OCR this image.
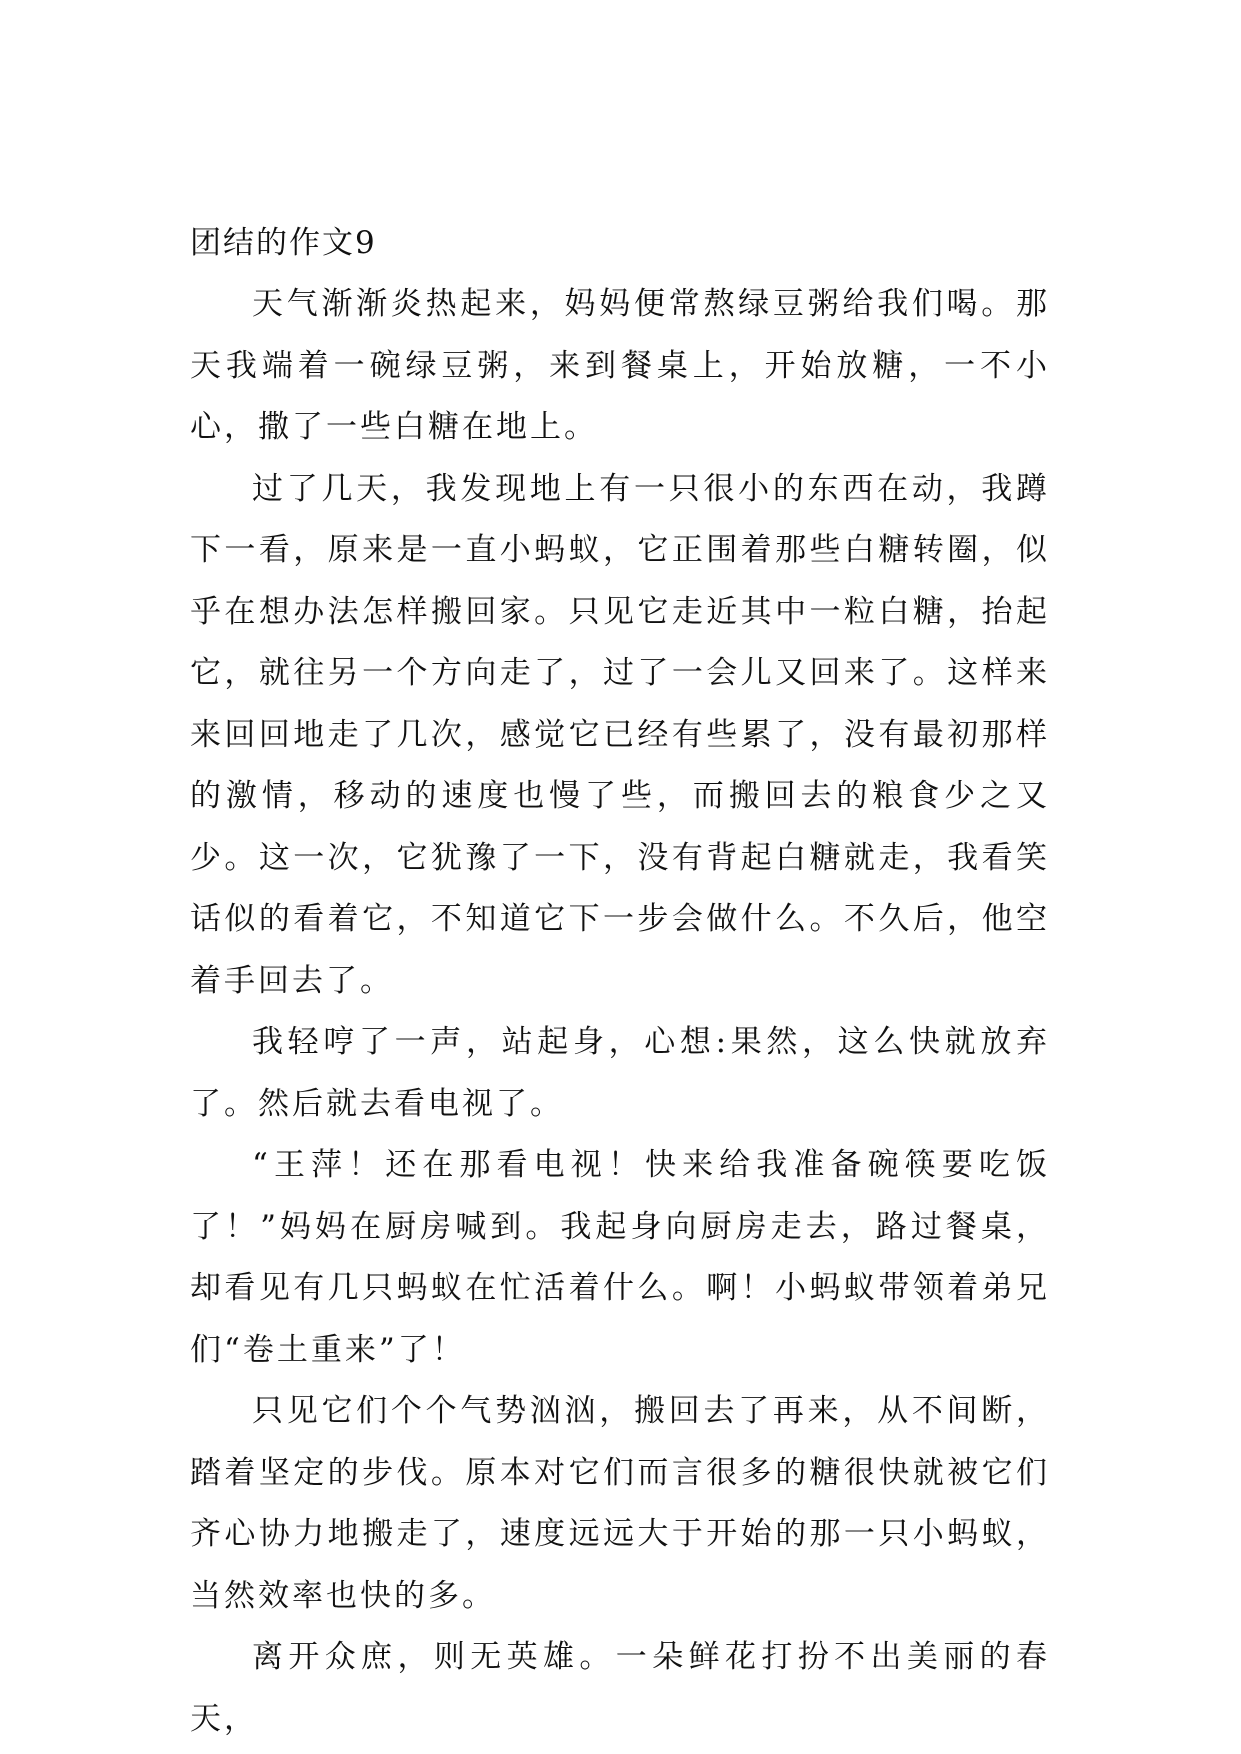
团结的作文9

天气渐渐炎热起来，妈妈便常熬绿豆粥给我们喝。那天我端着一碗绿豆粥，来到餐桌上，开始放糖，一不小心，撒了一些白糖在地上。

过了几天，我发现地上有一只很小的东西在动，我蹲下一看，原来是一直小蚂蚁，它正围着那些白糖转圈，似乎在想办法怎样搬回家。只见它走近其中一粒白糖，抬起它，就往另一个方向走了，过了一会儿又回来了。这样来来回回地走了几次，感觉它已经有些累了，没有最初那样的激情，移动的速度也慢了些，而搬回去的粮食少之又少。这一次，它犹豫了一下，没有背起白糖就走，我看笑话似的看着它，不知道它下一步会做什么。不久后，他空着手回去了。

我轻哼了一声，站起身，心想:果然，这么快就放弃了。然后就去看电视了。

“王萍！还在那看电视！快来给我准备碗筷要吃饭了！”妈妈在厨房喊到。我起身向厨房走去，路过餐桌，却看见有几只蚂蚁在忙活着什么。啊！小蚂蚁带领着弟兄们“卷土重来”了！

只见它们个个气势汹汹，搬回去了再来，从不间断，踏着坚定的步伐。原本对它们而言很多的糖很快就被它们齐心协力地搬走了，速度远远大于开始的那一只小蚂蚁，当然效率也快的多。

离开众庶，则无英雄。一朵鲜花打扮不出美丽的春天，
